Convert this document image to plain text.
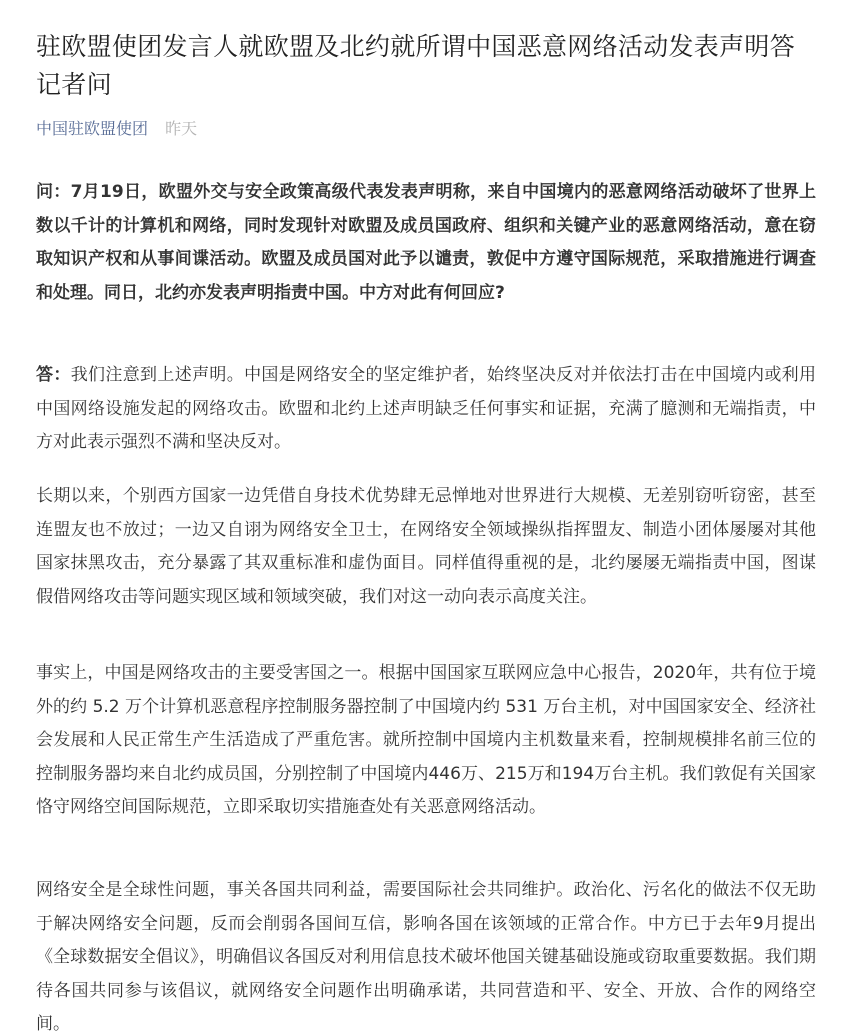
驻欧盟使团发言人就欧盟及北约就所谓中国恶意网络活动发表声明答记者问
中国驻欧盟使团 昨天

问：7月19日，欧盟外交与安全政策高级代表发表声明称，来自中国境内的恶意网络活动破坏了世界上数以千计的计算机和网络，同时发现针对欧盟及成员国政府、组织和关键产业的恶意网络活动，意在窃取知识产权和从事间谍活动。欧盟及成员国对此予以谴责，敦促中方遵守国际规范，采取措施进行调查和处理。同日，北约亦发表声明指责中国。中方对此有何回应?

答：我们注意到上述声明。中国是网络安全的坚定维护者，始终坚决反对并依法打击在中国境内或利用中国网络设施发起的网络攻击。欧盟和北约上述声明缺乏任何事实和证据，充满了臆测和无端指责，中方对此表示强烈不满和坚决反对。

长期以来，个别西方国家一边凭借自身技术优势肆无忌惮地对世界进行大规模、无差别窃听窃密，甚至连盟友也不放过；一边又自诩为网络安全卫士，在网络安全领域操纵指挥盟友、制造小团体屡屡对其他国家抹黑攻击，充分暴露了其双重标准和虚伪面目。同样值得重视的是，北约屡屡无端指责中国，图谋假借网络攻击等问题实现区域和领域突破，我们对这一动向表示高度关注。

事实上，中国是网络攻击的主要受害国之一。根据中国国家互联网应急中心报告，2020年，共有位于境外的约 5.2 万个计算机恶意程序控制服务器控制了中国境内约 531 万台主机，对中国国家安全、经济社会发展和人民正常生产生活造成了严重危害。就所控制中国境内主机数量来看，控制规模排名前三位的控制服务器均来自北约成员国，分别控制了中国境内446万、215万和194万台主机。我们敦促有关国家恪守网络空间国际规范，立即采取切实措施查处有关恶意网络活动。

网络安全是全球性问题，事关各国共同利益，需要国际社会共同维护。政治化、污名化的做法不仅无助于解决网络安全问题，反而会削弱各国间互信，影响各国在该领域的正常合作。中方已于去年9月提出《全球数据安全倡议》，明确倡议各国反对利用信息技术破坏他国关键基础设施或窃取重要数据。我们期待各国共同参与该倡议，就网络安全问题作出明确承诺，共同营造和平、安全、开放、合作的网络空间。
